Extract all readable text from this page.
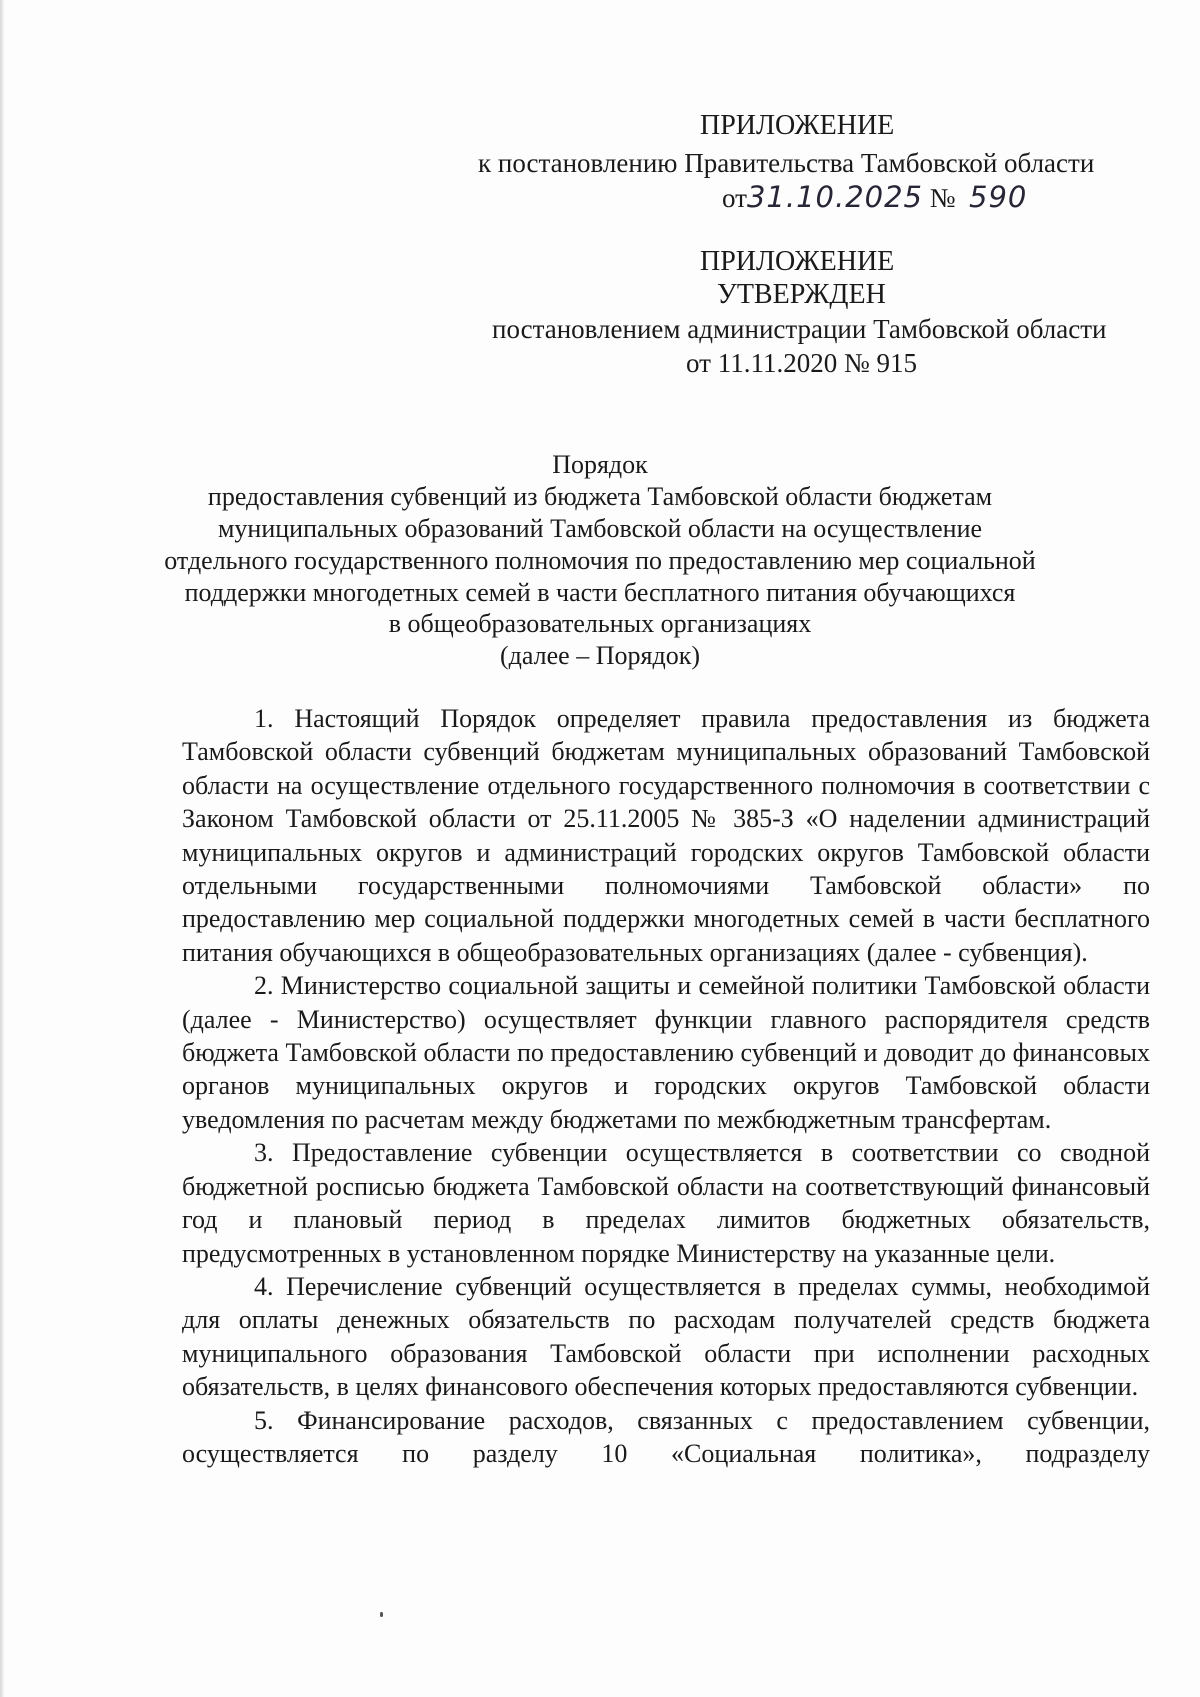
ПРИЛОЖЕНИЕ
к постановлению Правительства Тамбовской области
от31.10.2025 № 590
ПРИЛОЖЕНИЕ
УТВЕРЖДЕН
постановлением администрации Тамбовской области
от 11.11.2020 № 915
Порядок
предоставления субвенций из бюджета Тамбовской области бюджетам
муниципальных образований Тамбовской области на осуществление
отдельного государственного полномочия по предоставлению мер социальной
поддержки многодетных семей в части бесплатного питания обучающихся
в общеобразовательных организациях
(далее – Порядок)

1. Настоящий Порядок определяет правила предоставления из бюджета Тамбовской области субвенций бюджетам муниципальных образований Тамбовской области на осуществление отдельного государственного полномочия в соответствии с Законом Тамбовской области от 25.11.2005 № 385-З «О наделении администраций муниципальных округов и администраций городских округов Тамбовской области отдельными государственными полномочиями Тамбовской области» по предоставлению мер социальной поддержки многодетных семей в части бесплатного питания обучающихся в общеобразовательных организациях (далее - субвенция).

2. Министерство социальной защиты и семейной политики Тамбовской области (далее - Министерство) осуществляет функции главного распорядителя средств бюджета Тамбовской области по предоставлению субвенций и доводит до финансовых органов муниципальных округов и городских округов Тамбовской области уведомления по расчетам между бюджетами по межбюджетным трансфертам.

3. Предоставление субвенции осуществляется в соответствии со сводной бюджетной росписью бюджета Тамбовской области на соответствующий финансовый год и плановый период в пределах лимитов бюджетных обязательств, предусмотренных в установленном порядке Министерству на указанные цели.

4. Перечисление субвенций осуществляется в пределах суммы, необходимой для оплаты денежных обязательств по расходам получателей средств бюджета муниципального образования Тамбовской области при исполнении расходных обязательств, в целях финансового обеспечения которых предоставляются субвенции.

5. Финансирование расходов, связанных с предоставлением субвенции, осуществляется по разделу 10 «Социальная политика», подразделу
